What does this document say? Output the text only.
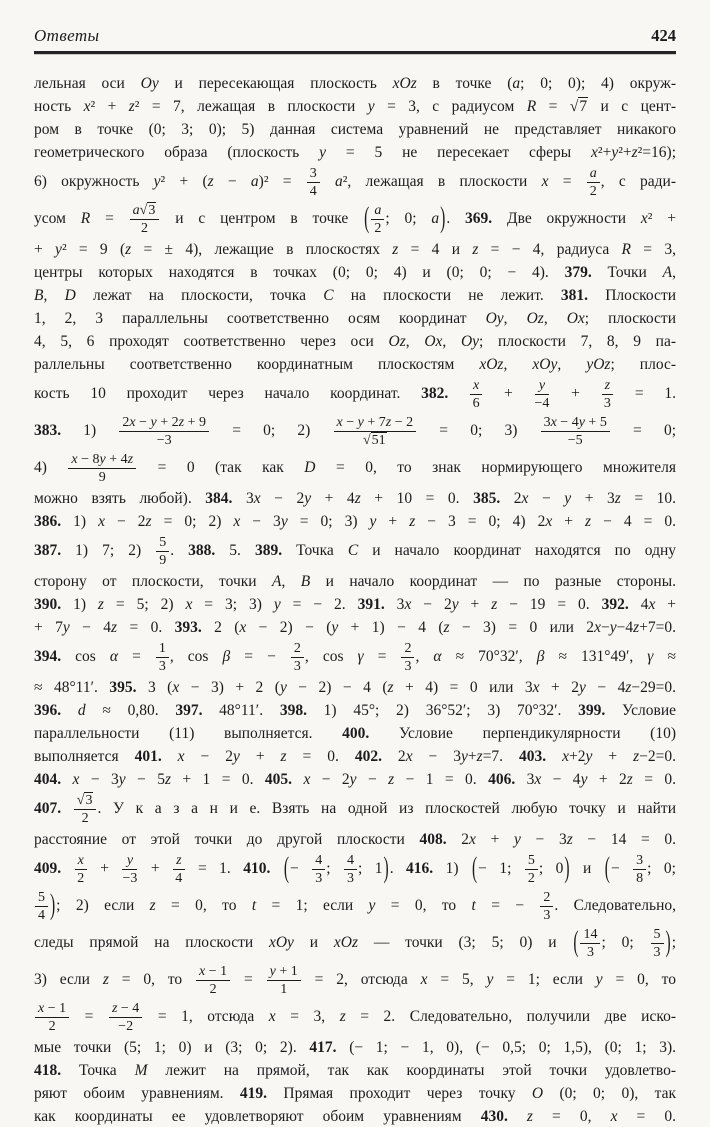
Ответы	424
лельная оси Oy и пересекающая плоскость xOz в точке (a; 0; 0); 4) окруж-
ность x² + z² = 7, лежащая в плоскости y = 3, с радиусом R = √7 и с цент-
ром в точке (0; 3; 0); 5) данная система уравнений не представляет никакого
геометрического образа (плоскость y = 5 не пересекает сферы x²+y²+z²=16);
6) окружность $y^2 + (z - a)^2 = \frac{3}{4} a^2$, лежащая в плоскости $x = \frac{a}{2}$ , с ради-
усом $R = \frac{a√3}{2}$ и с центром в точке ( $\frac{a}{2}$ ; 0; a). 369. Две окружности x² +
+ y² = 9 (z = ± 4), лежащие в плоскостях z = 4 и z = − 4, радиуса R = 3,
центры которых находятся в точках (0; 0; 4) и (0; 0; − 4). 379. Точки A,
B, D лежат на плоскости, точка C на плоскости не лежит. 381. Плоскости
1, 2, 3 параллельны соответственно осям координат Oy, Oz, Ox; плоскости
4, 5, 6 проходят соответственно через оси Oz, Ox, Oy; плоскости 7, 8, 9 па-
раллельны соответственно координатным плоскостям xOz, xOy, yOz; плос-
кость 10 проходит через начало координат. 382. $\frac{x}{6} + \frac{y}{-4} + \frac{z}{3} = 1$.
383. $1) \frac{2x - y + 2z + 9}{-3} = 0$; $2) \frac{x - y + 7z - 2}{√51} = 0$; $3) \frac{3x - 4y + 5}{-5} = 0$;
$4) \frac{x - 8y + 4z}{9} = 0$ (так как D = 0, то знак нормирующего множителя
можно взять любой). 384. 3x − 2y + 4z + 10 = 0. 385. 2x − y + 3z = 10.
386. 1) x − 2z = 0; 2) x − 3y = 0; 3) y + z − 3 = 0; 4) 2x + z − 4 = 0.
387. 1) 7; $2) \frac{5}{9}$ . 388. 5. 389. Точка C и начало координат находятся по одну
сторону от плоскости, точки A, B и начало координат — по разные стороны.
390. 1) z = 5; 2) x = 3; 3) y = − 2. 391. 3x − 2y + z − 19 = 0. 392. 4x +
+ 7y − 4z = 0. 393. 2 (x − 2) − (y + 1) − 4 (z − 3) = 0 или 2x−y−4z+7=0.
394. $\cos \alpha = \frac{1}{3}$ , cos β = − $\frac{2}{3}$ , $\cos \gamma = \frac{2}{3}$ , α ≈ 70°32′, β ≈ 131°49′, γ ≈
≈ 48°11′. 395. 3 (x − 3) + 2 (y − 2) − 4 (z + 4) = 0 или 3x + 2y − 4z−29=0.
396. d ≈ 0,80. 397. 48°11′. 398. 1) 45°; 2) 36°52′; 3) 70°32′. 399. Условие
параллельности (11) выполняется. 400. Условие перпендикулярности (10)
выполняется 401. x − 2y + z = 0. 402. 2x − 3y+z=7. 403. x+2y + z−2=0.
404. x − 3y − 5z + 1 = 0. 405. x − 2y − z − 1 = 0. 406. 3x − 4y + 2z = 0.
407. $\frac{√3}{2}$ . У к а з а н и е. Взять на одной из плоскостей любую точку и найти
расстояние от этой точки до другой плоскости 408. 2x + y − 3z − 14 = 0.
409. $\frac{x}{2} + \frac{y}{-3} + \frac{z}{4} = 1$. 410. (− $\frac{4}{3}$ ; $\frac{4}{3}$ ; 1). 416. 1) (− 1; $\frac{5}{2}$ ; 0) и (− $\frac{3}{8}$ ; 0;
$\frac{5}{4}$ ); 2) если z = 0, то t = 1; если y = 0, то t = − $\frac{2}{3}$ . Следовательно,
следы прямой на плоскости xOy и xOz — точки (3; 5; 0) и ( $\frac{14}{3}$ ; 0; $\frac{5}{3}$ );
3) если z = 0, то $\frac{x - 1}{2} = \frac{y + 1}{1} = 2$, отсюда x = 5, y = 1; если y = 0, то
$\frac{x - 1}{2} = \frac{z - 4}{-2} = 1$, отсюда x = 3, z = 2. Следовательно, получили две иско-
мые точки (5; 1; 0) и (3; 0; 2). 417. (− 1; − 1, 0), (− 0,5; 0; 1,5), (0; 1; 3).
418. Точка M лежит на прямой, так как координаты этой точки удовлетво-
ряют обоим уравнениям. 419. Прямая проходит через точку O (0; 0; 0), так
как координаты ее удовлетворяют обоим уравнениям 430. z = 0, x = 0.
